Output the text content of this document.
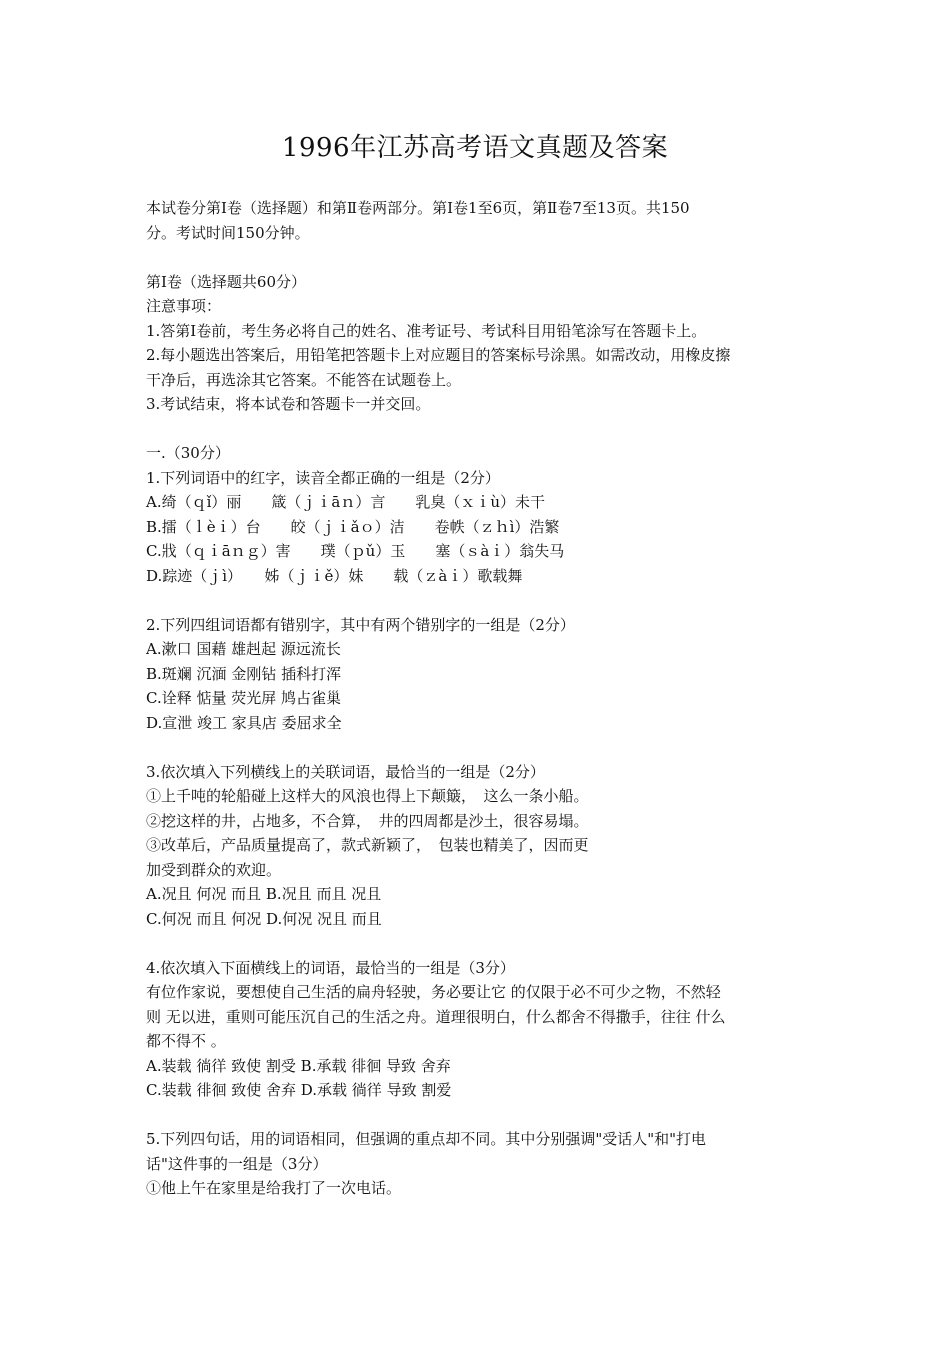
1996年江苏高考语文真题及答案
本试卷分第Ⅰ卷（选择题）和第Ⅱ卷两部分。第Ⅰ卷1至6页，第Ⅱ卷7至13页。共150
分。考试时间150分钟。
第Ⅰ卷（选择题共60分）
注意事项：
1.答第Ⅰ卷前，考生务必将自己的姓名、准考证号、考试科目用铅笔涂写在答题卡上。
2.每小题选出答案后，用铅笔把答题卡上对应题目的答案标号涂黑。如需改动，用橡皮擦
干净后，再选涂其它答案。不能答在试题卷上。
3.考试结束，将本试卷和答题卡一并交回。
一.（30分）
1.下列词语中的红字，读音全都正确的一组是（2分）
A.绮（ｑǐ）丽　　箴（ｊｉāｎ）言　　乳臭（ｘｉù）未干
B.擂（ｌèｉ）台　　皎（ｊｉǎｏ）洁　　卷帙（ｚｈì）浩繁
C.戕（ｑｉāｎｇ）害　　璞（ｐǔ）玉　　塞（ｓàｉ）翁失马
D.踪迹（ｊì）　　姊（ｊｉě）妹　　载（ｚàｉ）歌载舞
2.下列四组词语都有错别字，其中有两个错别字的一组是（2分）
A.漱口 国藉 雄赳起 源远流长
B.斑斓 沉湎 金刚钻 插科打浑
C.诠释 惦量 荧光屏 鸠占雀巢
D.宣泄 竣工 家具店 委屈求全
3.依次填入下列横线上的关联词语，最恰当的一组是（2分）
①上千吨的轮船碰上这样大的风浪也得上下颠簸，　这么一条小船。
②挖这样的井，占地多，不合算，　井的四周都是沙土，很容易塌。
③改革后，产品质量提高了，款式新颖了，　包装也精美了，因而更
加受到群众的欢迎。
A.况且 何况 而且 B.况且 而且 况且
C.何况 而且 何况 D.何况 况且 而且
4.依次填入下面横线上的词语，最恰当的一组是（3分）
有位作家说，要想使自己生活的扁舟轻驶，务必要让它 的仅限于必不可少之物，不然轻
则 无以进，重则可能压沉自己的生活之舟。道理很明白，什么都舍不得撒手，往往 什么
都不得不 。
A.装载 徜徉 致使 割受 B.承载 徘徊 导致 舍弃
C.装载 徘徊 致使 舍弃 D.承载 徜徉 导致 割爱
5.下列四句话，用的词语相同，但强调的重点却不同。其中分别强调"受话人"和"打电
话"这件事的一组是（3分）
①他上午在家里是给我打了一次电话。
